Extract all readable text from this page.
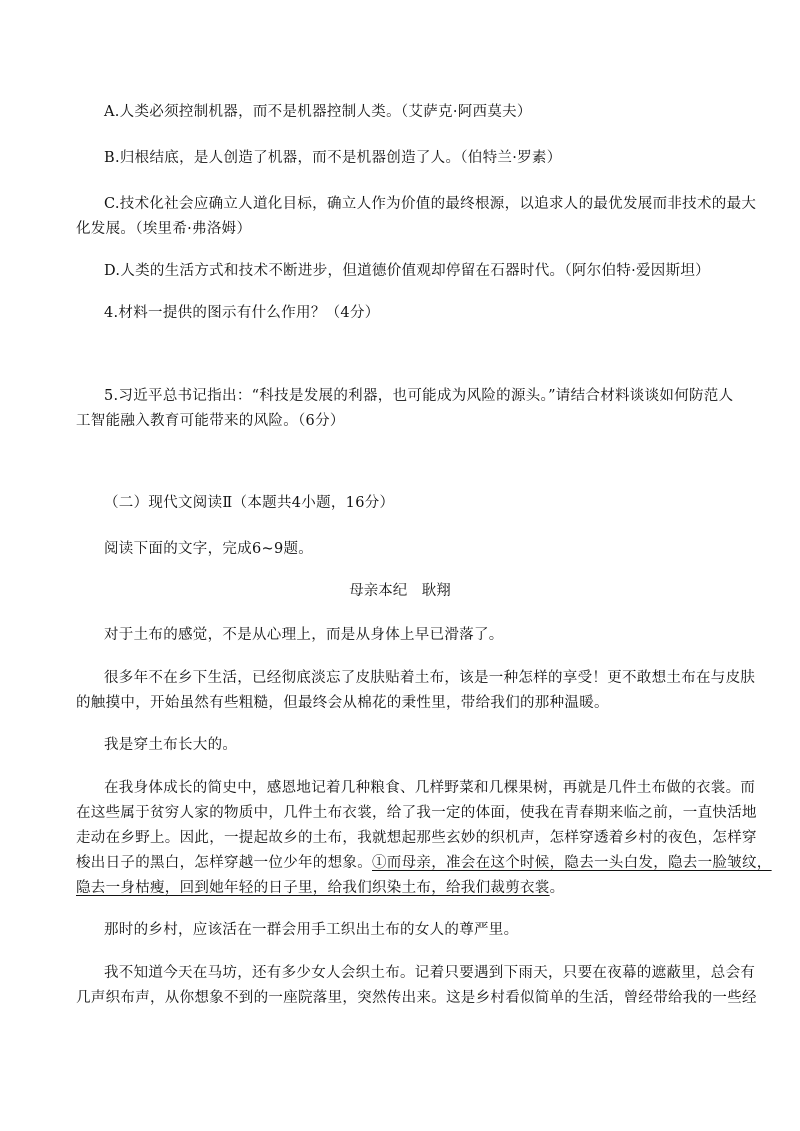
A.人类必须控制机器，而不是机器控制人类。（艾萨克·阿西莫夫）
B.归根结底，是人创造了机器，而不是机器创造了人。（伯特兰·罗素）
C.技术化社会应确立人道化目标，确立人作为价值的最终根源，以追求人的最优发展而非技术的最大
化发展。（埃里希·弗洛姆）
D.人类的生活方式和技术不断进步，但道德价值观却停留在石器时代。（阿尔伯特·爱因斯坦）
4.材料一提供的图示有什么作用？（4分）
5.习近平总书记指出：“科技是发展的利器，也可能成为风险的源头。”请结合材料谈谈如何防范人
工智能融入教育可能带来的风险。（6分）
（二）现代文阅读Ⅱ（本题共4小题，16分）
阅读下面的文字，完成6~9题。
母亲本纪　耿翔
对于土布的感觉，不是从心理上，而是从身体上早已滑落了。
很多年不在乡下生活，已经彻底淡忘了皮肤贴着土布，该是一种怎样的享受！更不敢想土布在与皮肤
的触摸中，开始虽然有些粗糙，但最终会从棉花的秉性里，带给我们的那种温暖。
我是穿土布长大的。
在我身体成长的简史中，感恩地记着几种粮食、几样野菜和几棵果树，再就是几件土布做的衣裳。而
在这些属于贫穷人家的物质中，几件土布衣裳，给了我一定的体面，使我在青春期来临之前，一直快活地
走动在乡野上。因此，一提起故乡的土布，我就想起那些玄妙的织机声，怎样穿透着乡村的夜色，怎样穿
梭出日子的黑白，怎样穿越一位少年的想象。①而母亲，准会在这个时候，隐去一头白发，隐去一脸皱纹，
隐去一身枯瘦，回到她年轻的日子里，给我们织染土布，给我们裁剪衣裳。
那时的乡村，应该活在一群会用手工织出土布的女人的尊严里。
我不知道今天在马坊，还有多少女人会织土布。记着只要遇到下雨天，只要在夜幕的遮蔽里，总会有
几声织布声，从你想象不到的一座院落里，突然传出来。这是乡村看似简单的生活，曾经带给我的一些经
